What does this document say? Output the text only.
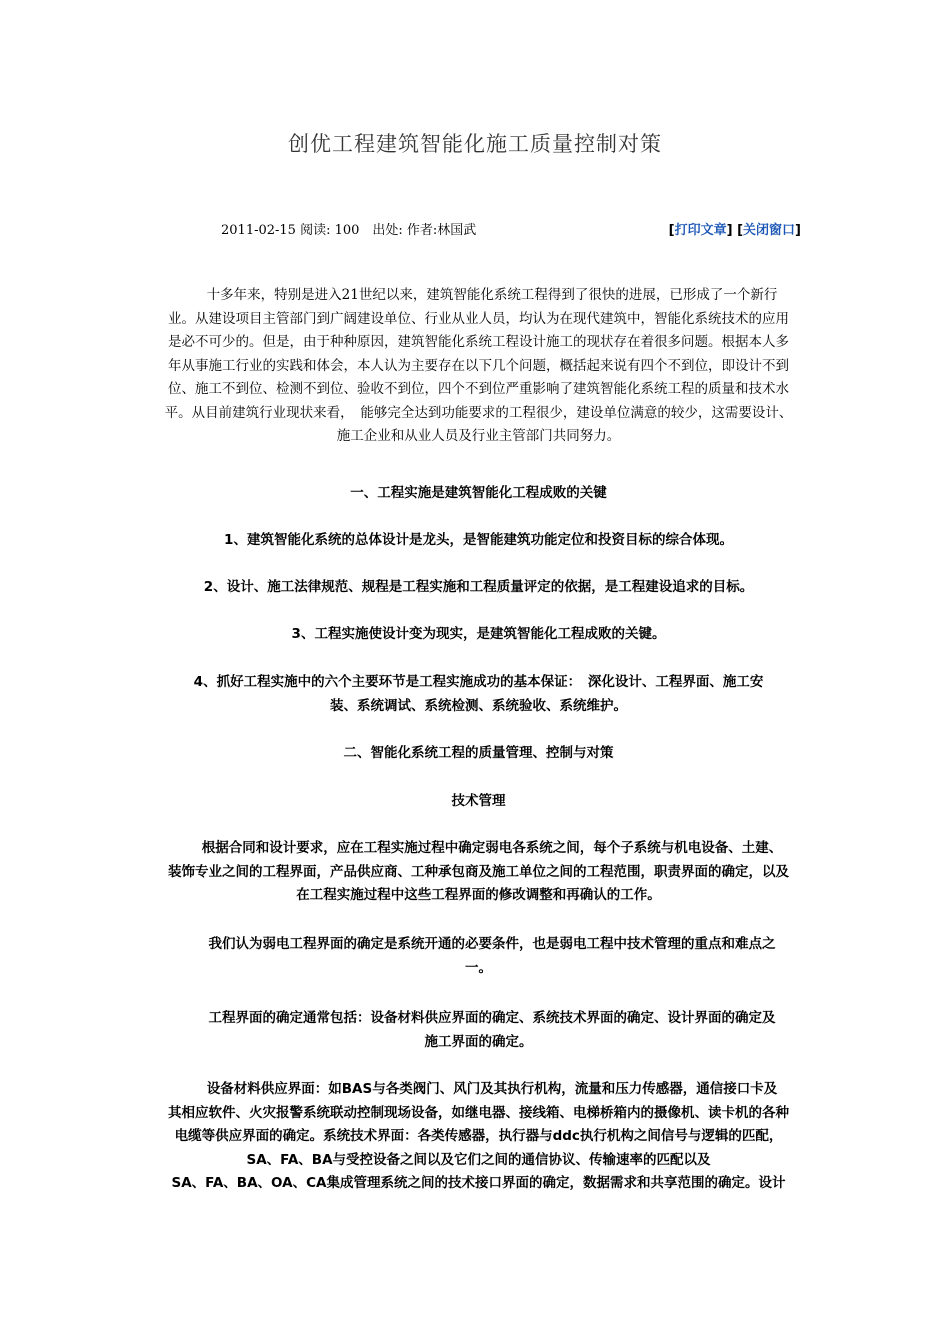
创优工程建筑智能化施工质量控制对策
2011-02-15 阅读: 100　出处: 作者:林国武	[打印文章] [关闭窗口]
　　十多年来，特别是进入21世纪以来，建筑智能化系统工程得到了很快的进展，已形成了一个新行
业。从建设项目主管部门到广阔建设单位、行业从业人员，均认为在现代建筑中，智能化系统技术的应用
是必不可少的。但是，由于种种原因，建筑智能化系统工程设计施工的现状存在着很多问题。根据本人多
年从事施工行业的实践和体会，本人认为主要存在以下几个问题，概括起来说有四个不到位，即设计不到
位、施工不到位、检测不到位、验收不到位，四个不到位严重影响了建筑智能化系统工程的质量和技术水
平。从目前建筑行业现状来看，　能够完全达到功能要求的工程很少，建设单位满意的较少，这需要设计、
施工企业和从业人员及行业主管部门共同努力。
一、工程实施是建筑智能化工程成败的关键
1、建筑智能化系统的总体设计是龙头，是智能建筑功能定位和投资目标的综合体现。
2、设计、施工法律规范、规程是工程实施和工程质量评定的依据，是工程建设追求的目标。
3、工程实施使设计变为现实，是建筑智能化工程成败的关键。
4、抓好工程实施中的六个主要环节是工程实施成功的基本保证：　深化设计、工程界面、施工安
装、系统调试、系统检测、系统验收、系统维护。
二、智能化系统工程的质量管理、控制与对策
技术管理
　　根据合同和设计要求，应在工程实施过程中确定弱电各系统之间，每个子系统与机电设备、土建、
装饰专业之间的工程界面，产品供应商、工种承包商及施工单位之间的工程范围，职责界面的确定，以及
在工程实施过程中这些工程界面的修改调整和再确认的工作。
　　我们认为弱电工程界面的确定是系统开通的必要条件，也是弱电工程中技术管理的重点和难点之
一。
　　工程界面的确定通常包括：设备材料供应界面的确定、系统技术界面的确定、设计界面的确定及
施工界面的确定。
　　设备材料供应界面：如BAS与各类阀门、风门及其执行机构，流量和压力传感器，通信接口卡及
其相应软件、火灾报警系统联动控制现场设备，如继电器、接线箱、电梯桥箱内的摄像机、读卡机的各种
电缆等供应界面的确定。系统技术界面：各类传感器，执行器与ddc执行机构之间信号与逻辑的匹配，
SA、FA、BA与受控设备之间以及它们之间的通信协议、传输速率的匹配以及
SA、FA、BA、OA、CA集成管理系统之间的技术接口界面的确定，数据需求和共享范围的确定。设计
